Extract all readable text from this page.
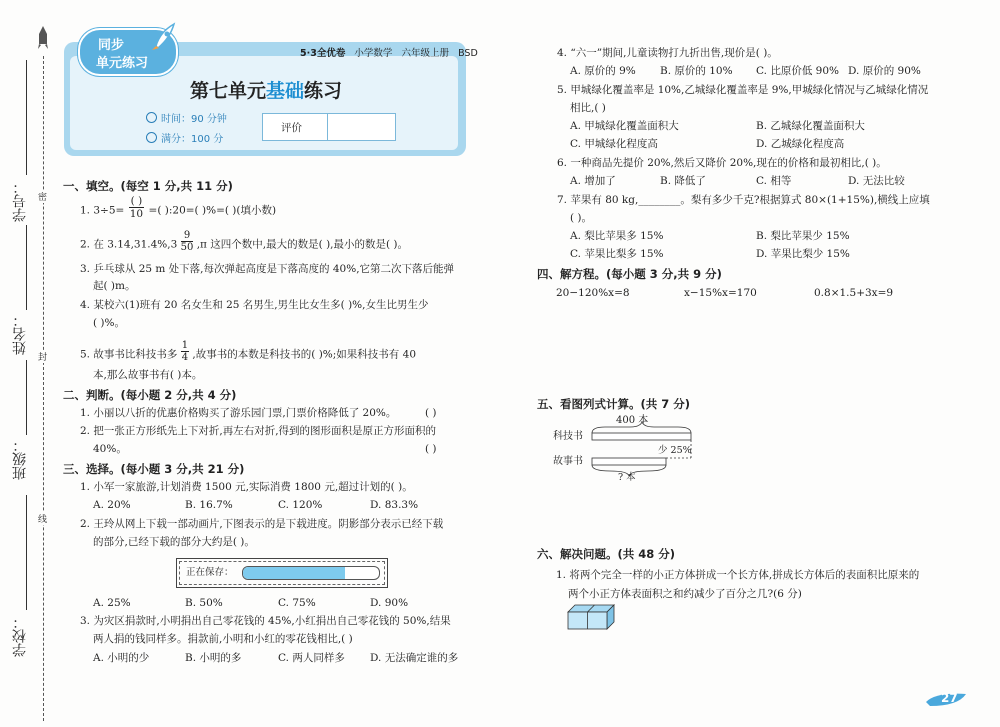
密
封
线
学号：
姓名：
班级：
学校：
同步
单元练习
5·3全优卷 小学数学 六年级上册 BSD
第七单元基础练习
时间：90 分钟
满分：100 分
评价
一、填空。(每空 1 分,共 11 分)
1. 3÷5=
( )
10 =( ):20=( )%=( )(填小数)
2. 在 $3.14,31.4\%,3 \frac{9}{50} ,\pi$ 这四个数中,最大的数是( ),最小的数是( )。
3. 乒乓球从 25 m 处下落,每次弹起高度是下落高度的 40%,它第二次下落后能弹
起( )m。
4. 某校六(1)班有 20 名女生和 25 名男生,男生比女生多( )%,女生比男生少
( )%。
5. 故事书比科技书多 $\frac{1}{4}$ ,故事书的本数是科技书的( )%;如果科技书有 40
本,那么故事书有( )本。
二、判断。(每小题 2 分,共 4 分)
1. 小丽以八折的优惠价格购买了游乐园门票,门票价格降低了 20%。	( )
2. 把一张正方形纸先上下对折,再左右对折,得到的图形面积是原正方形面积的
40%。	( )
三、选择。(每小题 3 分,共 21 分)
1. 小军一家旅游,计划消费 1500 元,实际消费 1800 元,超过计划的( )。
A. 20%	B. 16.7%	C. 120%	D. 83.3%
2. 王玲从网上下载一部动画片,下图表示的是下载进度。阴影部分表示已经下载
的部分,已经下载的部分大约是( )。
正在保存：
A. 25%	B. 50%	C. 75%	D. 90%
3. 为灾区捐款时,小明捐出自己零花钱的 45%,小红捐出自己零花钱的 50%,结果
两人捐的钱同样多。捐款前,小明和小红的零花钱相比,( )
A. 小明的少	B. 小明的多	C. 两人同样多 D. 无法确定谁的多
4. “六一”期间,儿童读物打九折出售,现价是( )。
A. 原价的 9% B. 原价的 10% C. 比原价低 90% D. 原价的 90%
5. 甲城绿化覆盖率是 10%,乙城绿化覆盖率是 9%,甲城绿化情况与乙城绿化情况
相比,( )
A. 甲城绿化覆盖面积大	B. 乙城绿化覆盖面积大
C. 甲城绿化程度高	D. 乙城绿化程度高
6. 一种商品先提价 20%,然后又降价 20%,现在的价格和最初相比,( )。
A. 增加了	B. 降低了	C. 相等	D. 无法比较
7. 苹果有 80 kg,________。梨有多少千克?根据算式 80×(1+15%),横线上应填
( )。
A. 梨比苹果多 15%	B. 梨比苹果少 15%
C. 苹果比梨多 15%	D. 苹果比梨少 15%
四、解方程。(每小题 3 分,共 9 分)
20−120%x=8	x−15%x=170	0.8×1.5+3x=9
五、看图列式计算。(共 7 分)
400 本
科技书
故事书
少 25%
? 本
六、解决问题。(共 48 分)
1. 将两个完全一样的小正方体拼成一个长方体,拼成长方体后的表面积比原来的
两个小正方体表面积之和约减少了百分之几?(6 分)
27
